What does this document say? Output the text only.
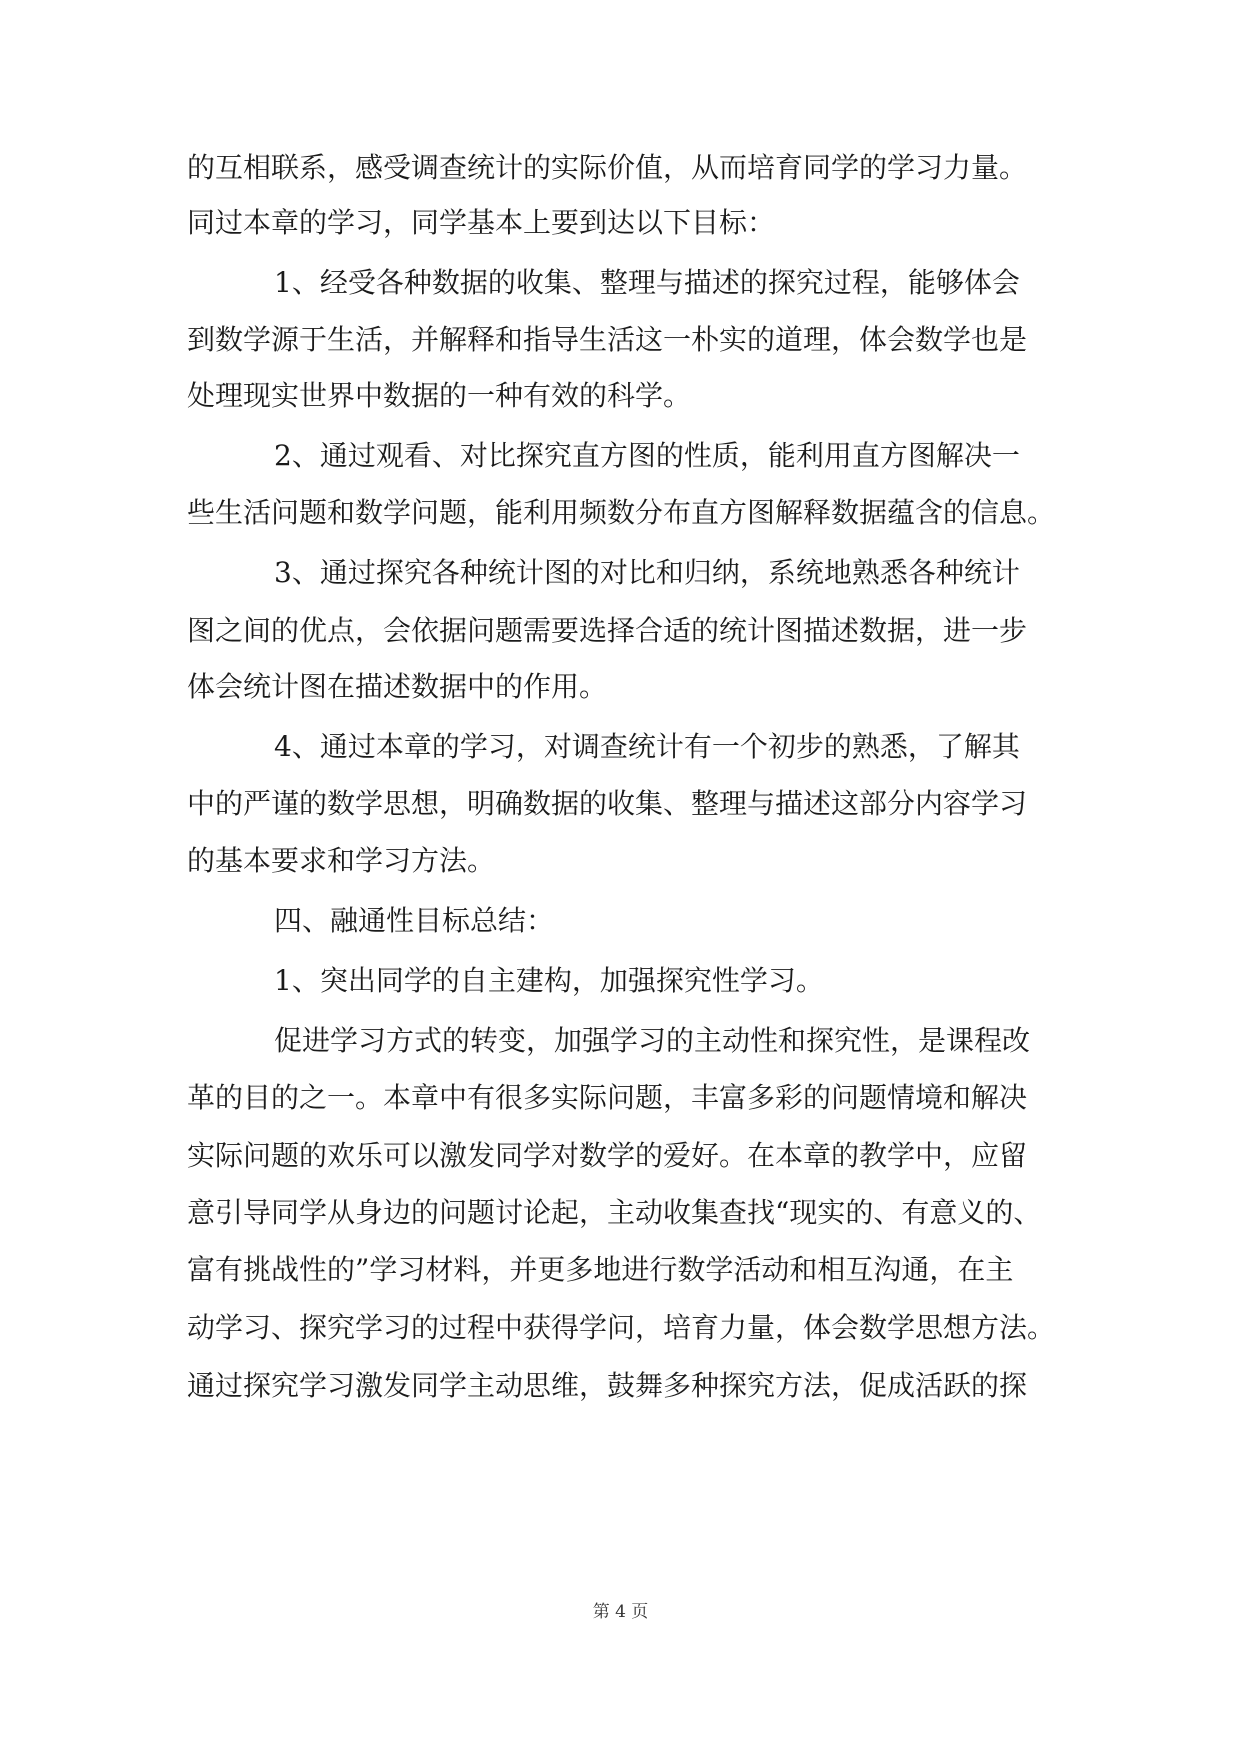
的互相联系，感受调查统计的实际价值，从而培育同学的学习力量。
同过本章的学习，同学基本上要到达以下目标：
1、经受各种数据的收集、整理与描述的探究过程，能够体会
到数学源于生活，并解释和指导生活这一朴实的道理，体会数学也是
处理现实世界中数据的一种有效的科学。
2、通过观看、对比探究直方图的性质，能利用直方图解决一
些生活问题和数学问题，能利用频数分布直方图解释数据蕴含的信息。
3、通过探究各种统计图的对比和归纳，系统地熟悉各种统计
图之间的优点，会依据问题需要选择合适的统计图描述数据，进一步
体会统计图在描述数据中的作用。
4、通过本章的学习，对调查统计有一个初步的熟悉，了解其
中的严谨的数学思想，明确数据的收集、整理与描述这部分内容学习
的基本要求和学习方法。
四、融通性目标总结：
1、突出同学的自主建构，加强探究性学习。
促进学习方式的转变，加强学习的主动性和探究性，是课程改
革的目的之一。本章中有很多实际问题，丰富多彩的问题情境和解决
实际问题的欢乐可以激发同学对数学的爱好。在本章的教学中，应留
意引导同学从身边的问题讨论起，主动收集查找“现实的、有意义的、
富有挑战性的”学习材料，并更多地进行数学活动和相互沟通，在主
动学习、探究学习的过程中获得学问，培育力量，体会数学思想方法。
通过探究学习激发同学主动思维，鼓舞多种探究方法，促成活跃的探
第 4 页
